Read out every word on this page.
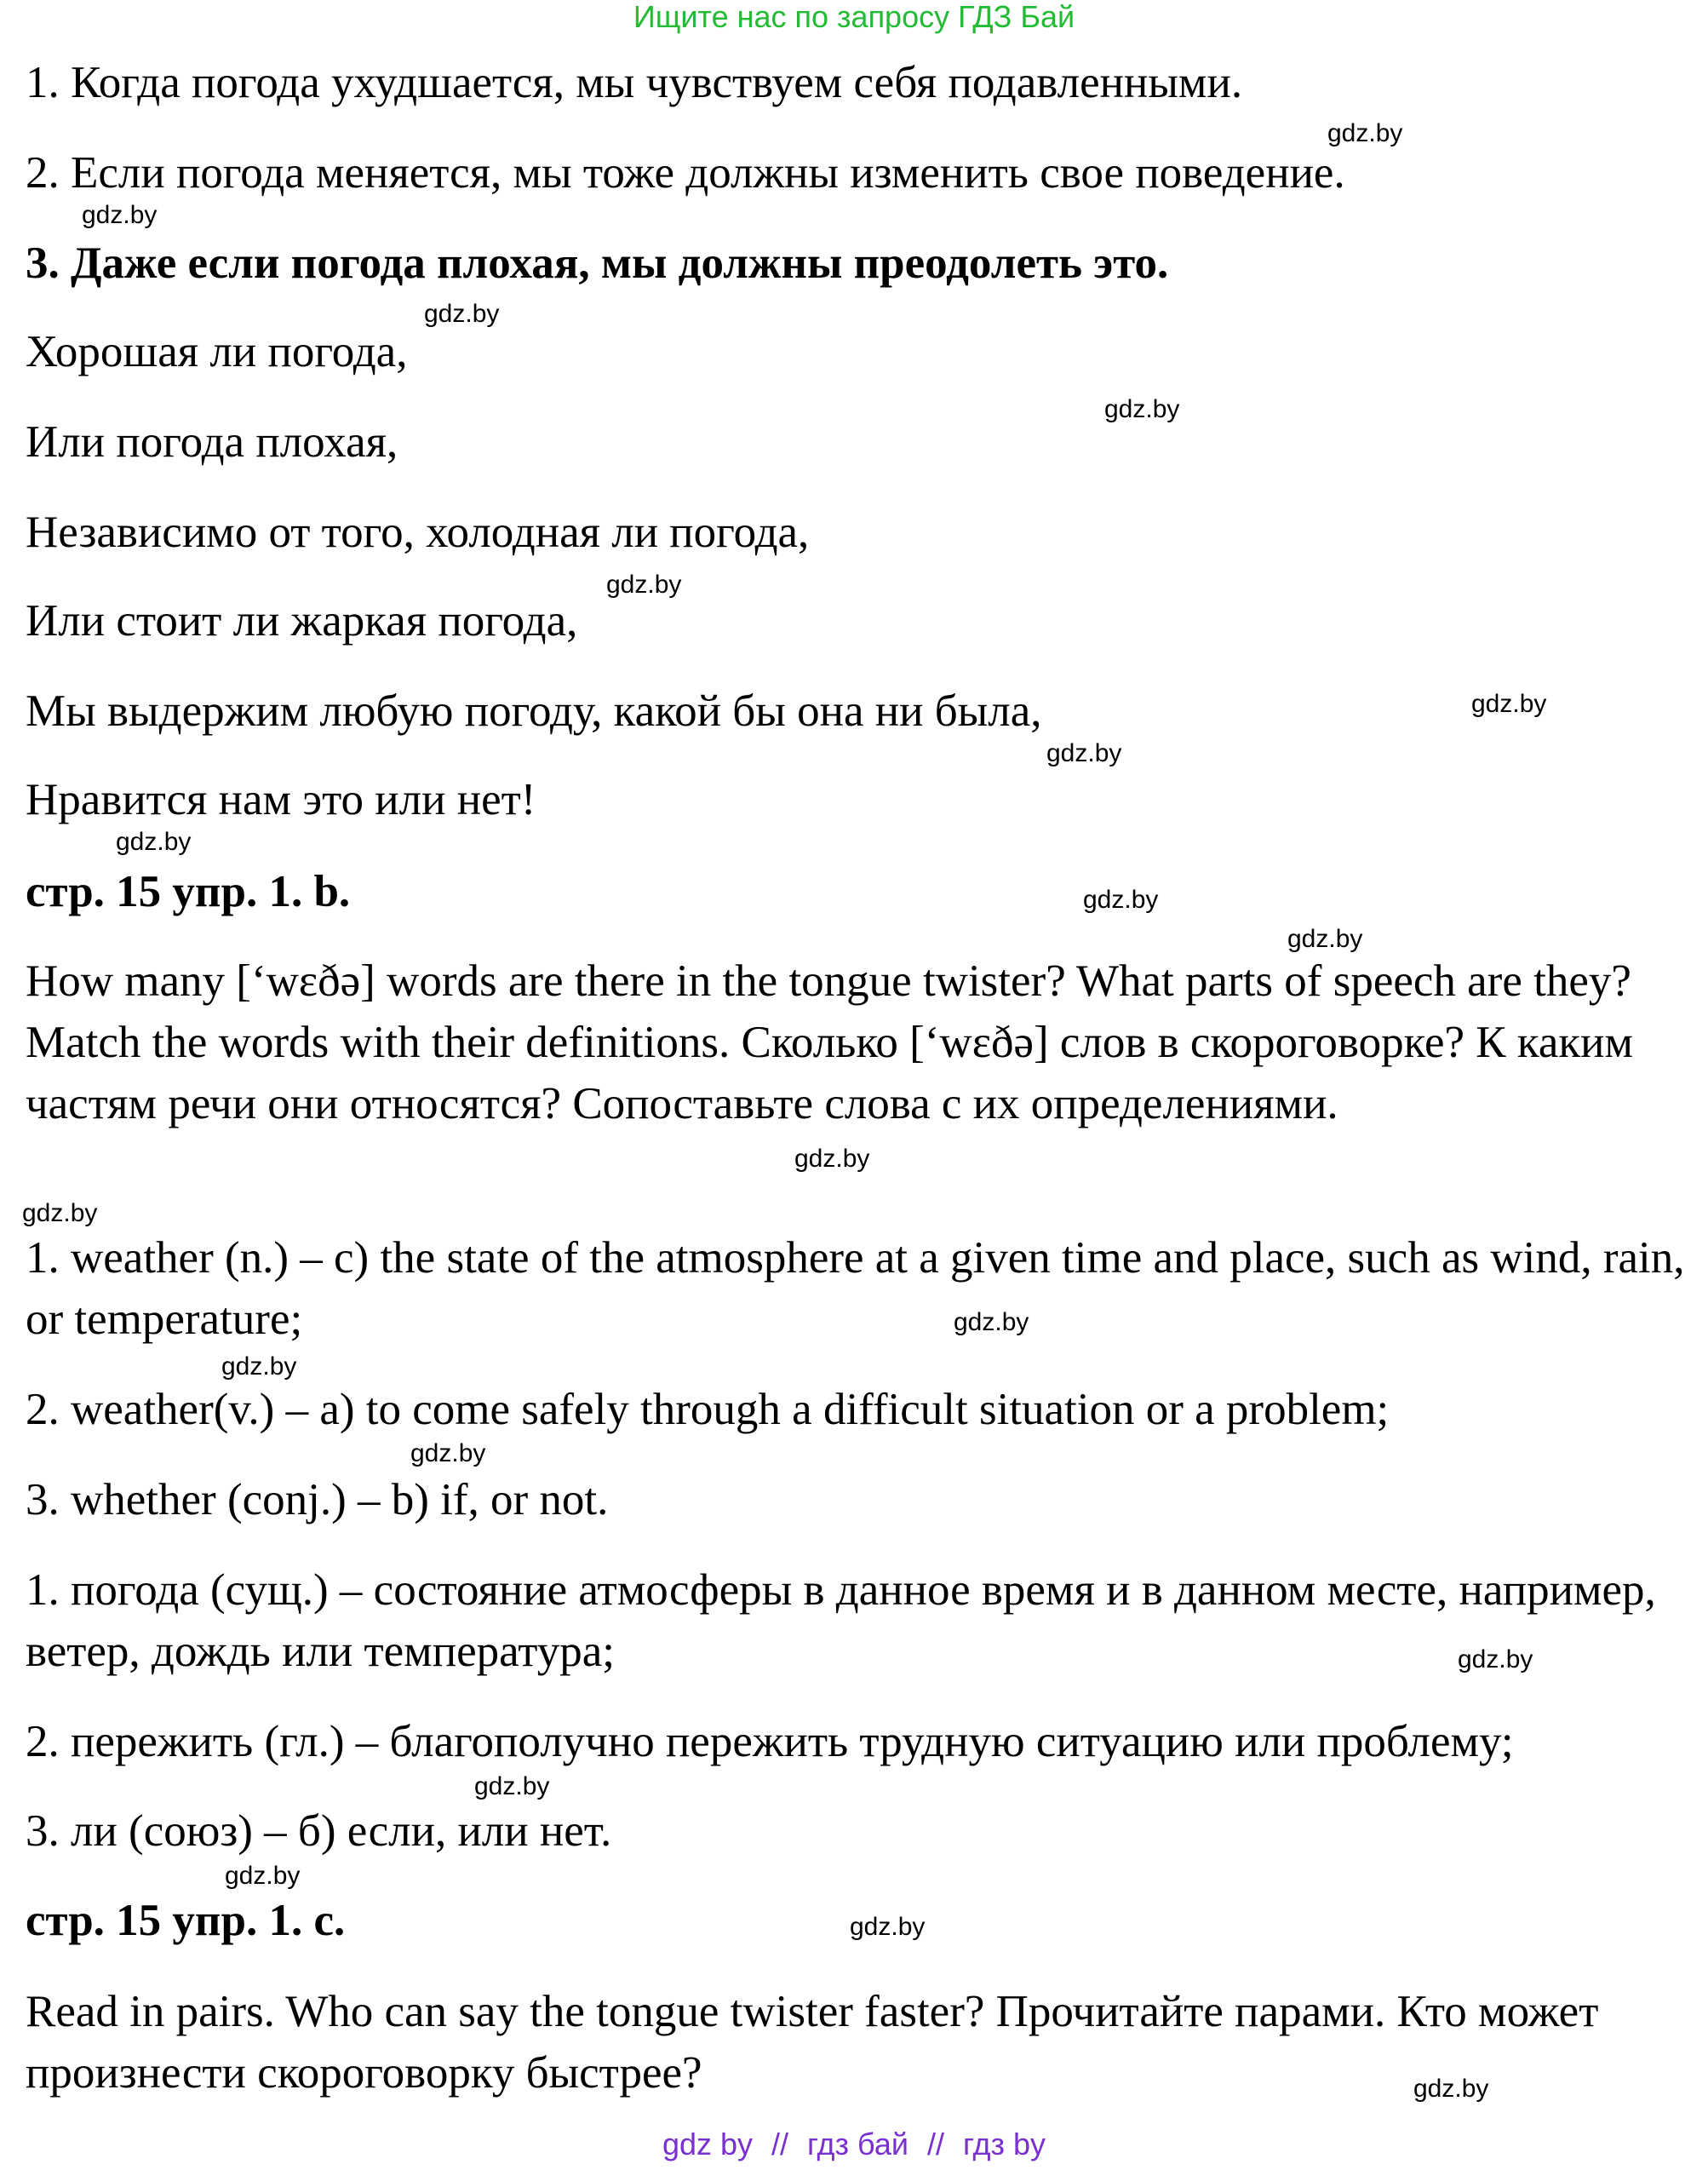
Ищите нас по запросу ГДЗ Бай
1. Когда погода ухудшается, мы чувствуем себя подавленными.
2. Если погода меняется, мы тоже должны изменить свое поведение.
3. Даже если погода плохая, мы должны преодолеть это.
Хорошая ли погода,
Или погода плохая,
Независимо от того, холодная ли погода,
Или стоит ли жаркая погода,
Мы выдержим любую погоду, какой бы она ни была,
Нравится нам это или нет!
стр. 15 упр. 1. b.
How many [‘wɛðə] words are there in the tongue twister? What parts of speech are they? Match the words with their definitions. Сколько [‘wɛðə] слов в скороговорке? К каким частям речи они относятся? Сопоставьте слова с их определениями.
1. weather (n.) – c) the state of the atmosphere at a given time and place, such as wind, rain, or temperature;
2. weather(v.) – a) to come safely through a difficult situation or a problem;
3. whether (conj.) – b) if, or not.
1. погода (сущ.) – состояние атмосферы в данное время и в данном месте, например, ветер, дождь или температура;
2. пережить (гл.) – благополучно пережить трудную ситуацию или проблему;
3. ли (союз) – б) если, или нет.
стр. 15 упр. 1. c.
Read in pairs. Who can say the tongue twister faster? Прочитайте парами. Кто может произнести скороговорку быстрее?
gdz.by
gdz.by
gdz.by
gdz.by
gdz.by
gdz.by
gdz.by
gdz.by
gdz.by
gdz.by
gdz.by
gdz.by
gdz.by
gdz.by
gdz.by
gdz.by
gdz.by
gdz.by
gdz.by
gdz.by
gdz by // гдз бай // гдз by
